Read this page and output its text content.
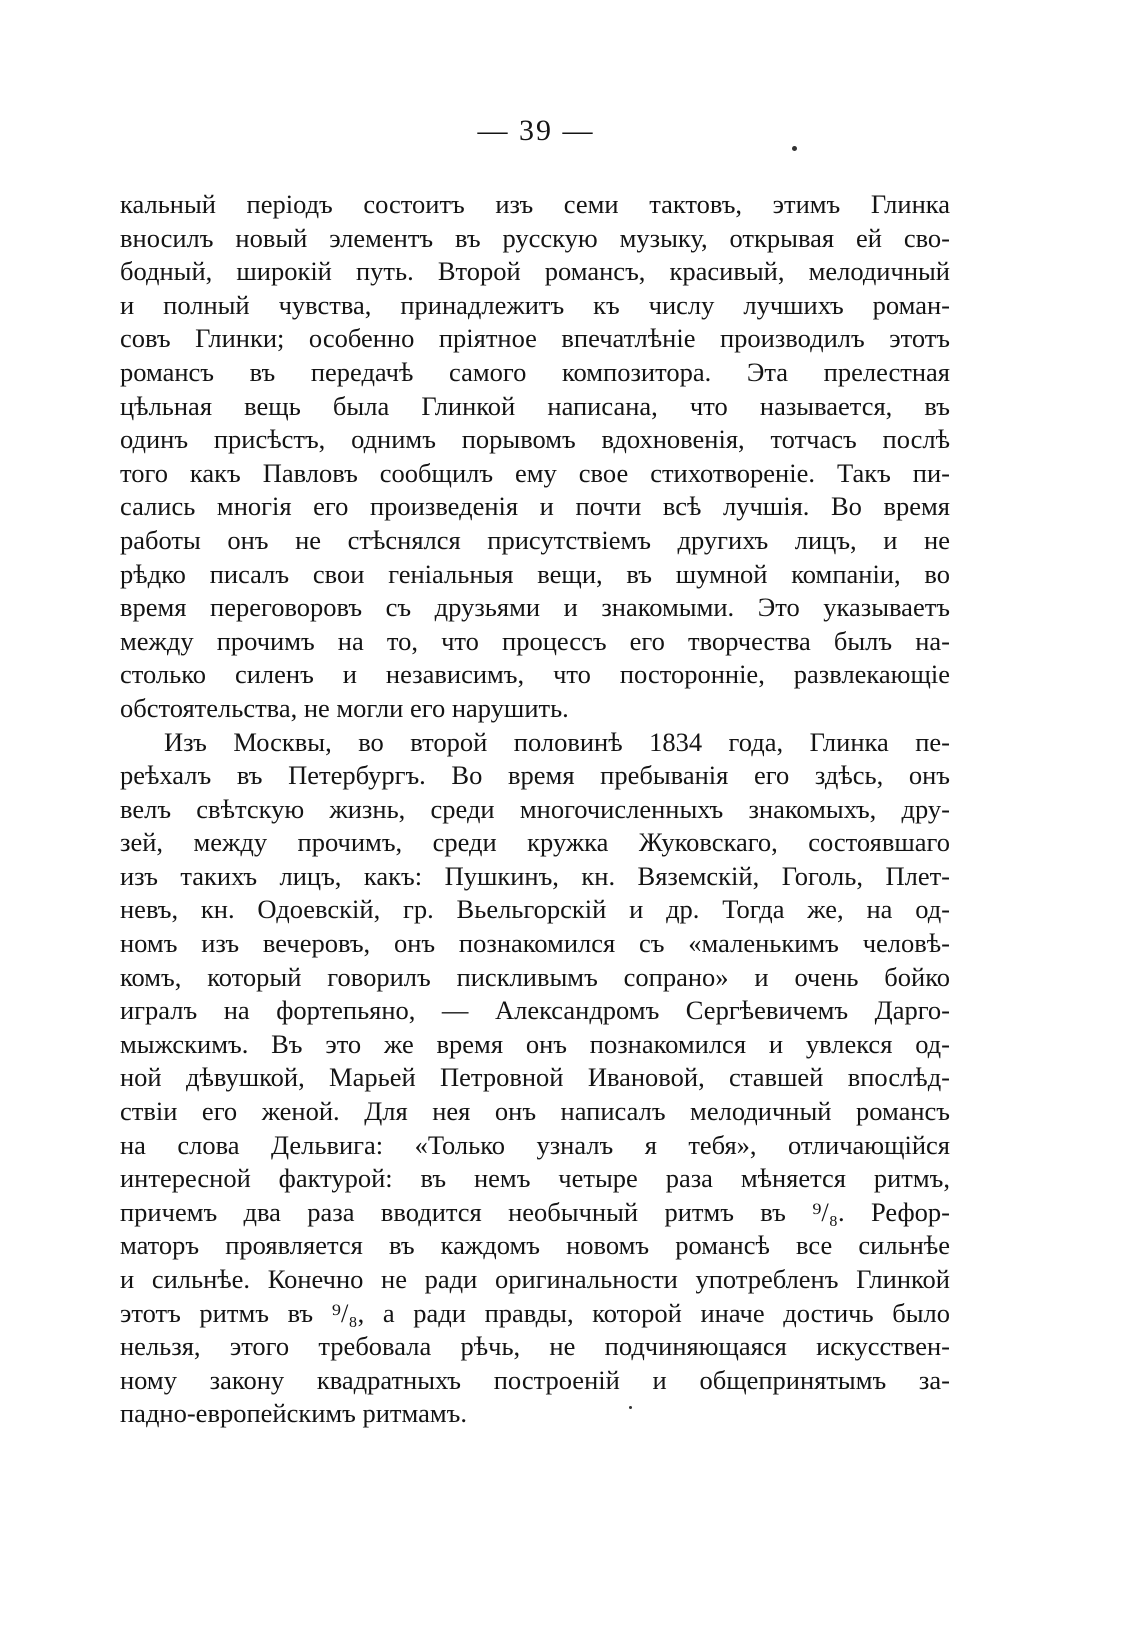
— 39 —
кальный періодъ состоитъ изъ семи тактовъ, этимъ Глинка
вносилъ новый элементъ въ русскую музыку, открывая ей сво-
бодный, широкій путь. Второй романсъ, красивый, мелодичный
и полный чувства, принадлежитъ къ числу лучшихъ роман-
совъ Глинки; особенно пріятное впечатлѣніе производилъ этотъ
романсъ въ передачѣ самого композитора. Эта прелестная
цѣльная вещь была Глинкой написана, что называется, въ
одинъ присѣстъ, однимъ порывомъ вдохновенія, тотчасъ послѣ
того какъ Павловъ сообщилъ ему свое стихотвореніе. Такъ пи-
сались многія его произведенія и почти всѣ лучшія. Во время
работы онъ не стѣснялся присутствіемъ другихъ лицъ, и не
рѣдко писалъ свои геніальныя вещи, въ шумной компаніи, во
время переговоровъ съ друзьями и знакомыми. Это указываетъ
между прочимъ на то, что процессъ его творчества былъ на-
столько силенъ и независимъ, что посторонніе, развлекающіе
обстоятельства, не могли его нарушить.
Изъ Москвы, во второй половинѣ 1834 года, Глинка пе-
реѣхалъ въ Петербургъ. Во время пребыванія его здѣсь, онъ
велъ свѣтскую жизнь, среди многочисленныхъ знакомыхъ, дру-
зей, между прочимъ, среди кружка Жуковскаго, состоявшаго
изъ такихъ лицъ, какъ: Пушкинъ, кн. Вяземскій, Гоголь, Плет-
невъ, кн. Одоевскій, гр. Вьельгорскій и др. Тогда же, на од-
номъ изъ вечеровъ, онъ познакомился съ «маленькимъ человѣ-
комъ, который говорилъ пискливымъ сопрано» и очень бойко
игралъ на фортепьяно, — Александромъ Сергѣевичемъ Дарго-
мыжскимъ. Въ это же время онъ познакомился и увлекся од-
ной дѣвушкой, Марьей Петровной Ивановой, ставшей впослѣд-
ствіи его женой. Для нея онъ написалъ мелодичный романсъ
на слова Дельвига: «Только узналъ я тебя», отличающійся
интересной фактурой: въ немъ четыре раза мѣняется ритмъ,
причемъ два раза вводится необычный ритмъ въ ⁹/₈. Рефор-
маторъ проявляется въ каждомъ новомъ романсѣ все сильнѣе
и сильнѣе. Конечно не ради оригинальности употребленъ Глинкой
этотъ ритмъ въ ⁹/₈, а ради правды, которой иначе достичь было
нельзя, этого требовала рѣчь, не подчиняющаяся искусствен-
ному закону квадратныхъ построеній и общепринятымъ за-
падно-европейскимъ ритмамъ.
